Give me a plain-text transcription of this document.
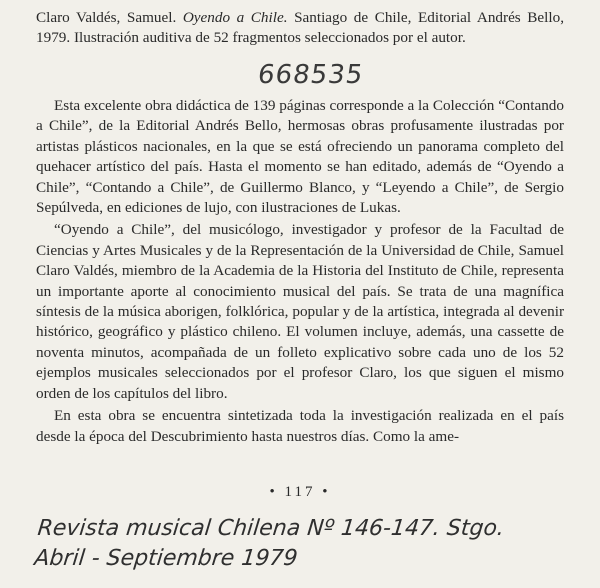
Claro Valdés, Samuel. Oyendo a Chile. Santiago de Chile, Editorial Andrés Bello, 1979. Ilustración auditiva de 52 fragmentos seleccionados por el autor.
668535

Esta excelente obra didáctica de 139 páginas corresponde a la Colección “Contando a Chile”, de la Editorial Andrés Bello, hermosas obras profusamente ilustradas por artistas plásticos nacionales, en la que se está ofreciendo un panorama completo del quehacer artístico del país. Hasta el momento se han editado, además de “Oyendo a Chile”, “Contando a Chile”, de Guillermo Blanco, y “Leyendo a Chile”, de Sergio Sepúlveda, en ediciones de lujo, con ilustraciones de Lukas.

“Oyendo a Chile”, del musicólogo, investigador y profesor de la Facultad de Ciencias y Artes Musicales y de la Representación de la Universidad de Chile, Samuel Claro Valdés, miembro de la Academia de la Historia del Instituto de Chile, representa un importante aporte al conocimiento musical del país. Se trata de una magnífica síntesis de la música aborigen, folklórica, popular y de la artística, integrada al devenir histórico, geográfico y plástico chileno. El volumen incluye, además, una cassette de noventa minutos, acompañada de un folleto explicativo sobre cada uno de los 52 ejemplos musicales seleccionados por el profesor Claro, los que siguen el mismo orden de los capítulos del libro.

En esta obra se encuentra sintetizada toda la investigación realizada en el país desde la época del Descubrimiento hasta nuestros días. Como la ame-

• 117 •
Revista musical Chilena Nº 146-147. Stgo.
Abril - Septiembre 1979
